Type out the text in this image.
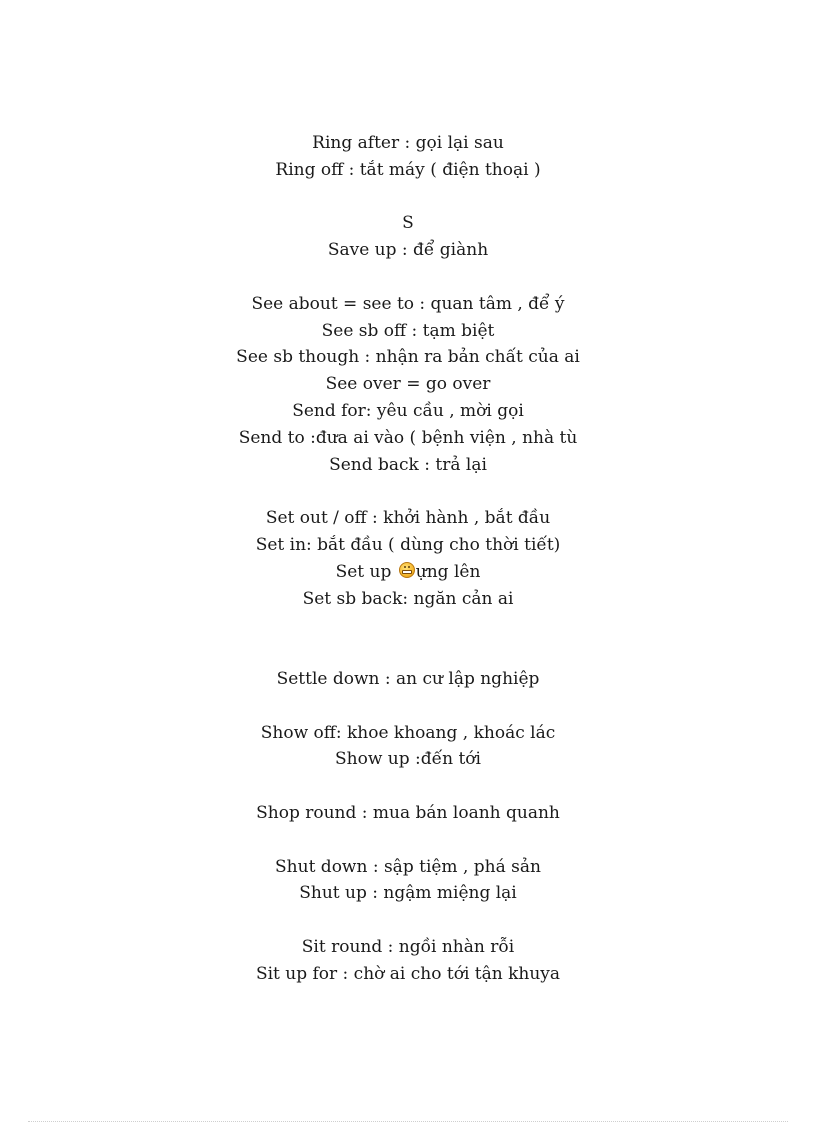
Ring after : gọi lại sau
Ring off : tắt máy ( điện thoại )
S
Save up : để giành
See about = see to : quan tâm , để ý
See sb off : tạm biệt
See sb though : nhận ra bản chất của ai
See over = go over
Send for: yêu cầu , mời gọi
Send to :đưa ai vào ( bệnh viện , nhà tù
Send back : trả lại
Set out / off : khởi hành , bắt đầu
Set in: bắt đầu ( dùng cho thời tiết)
Set up ựng lên
Set sb back: ngăn cản ai
Settle down : an cư lập nghiệp
Show off: khoe khoang , khoác lác
Show up :đến tới
Shop round : mua bán loanh quanh
Shut down : sập tiệm , phá sản
Shut up : ngậm miệng lại
Sit round : ngồi nhàn rỗi
Sit up for : chờ ai cho tới tận khuya
